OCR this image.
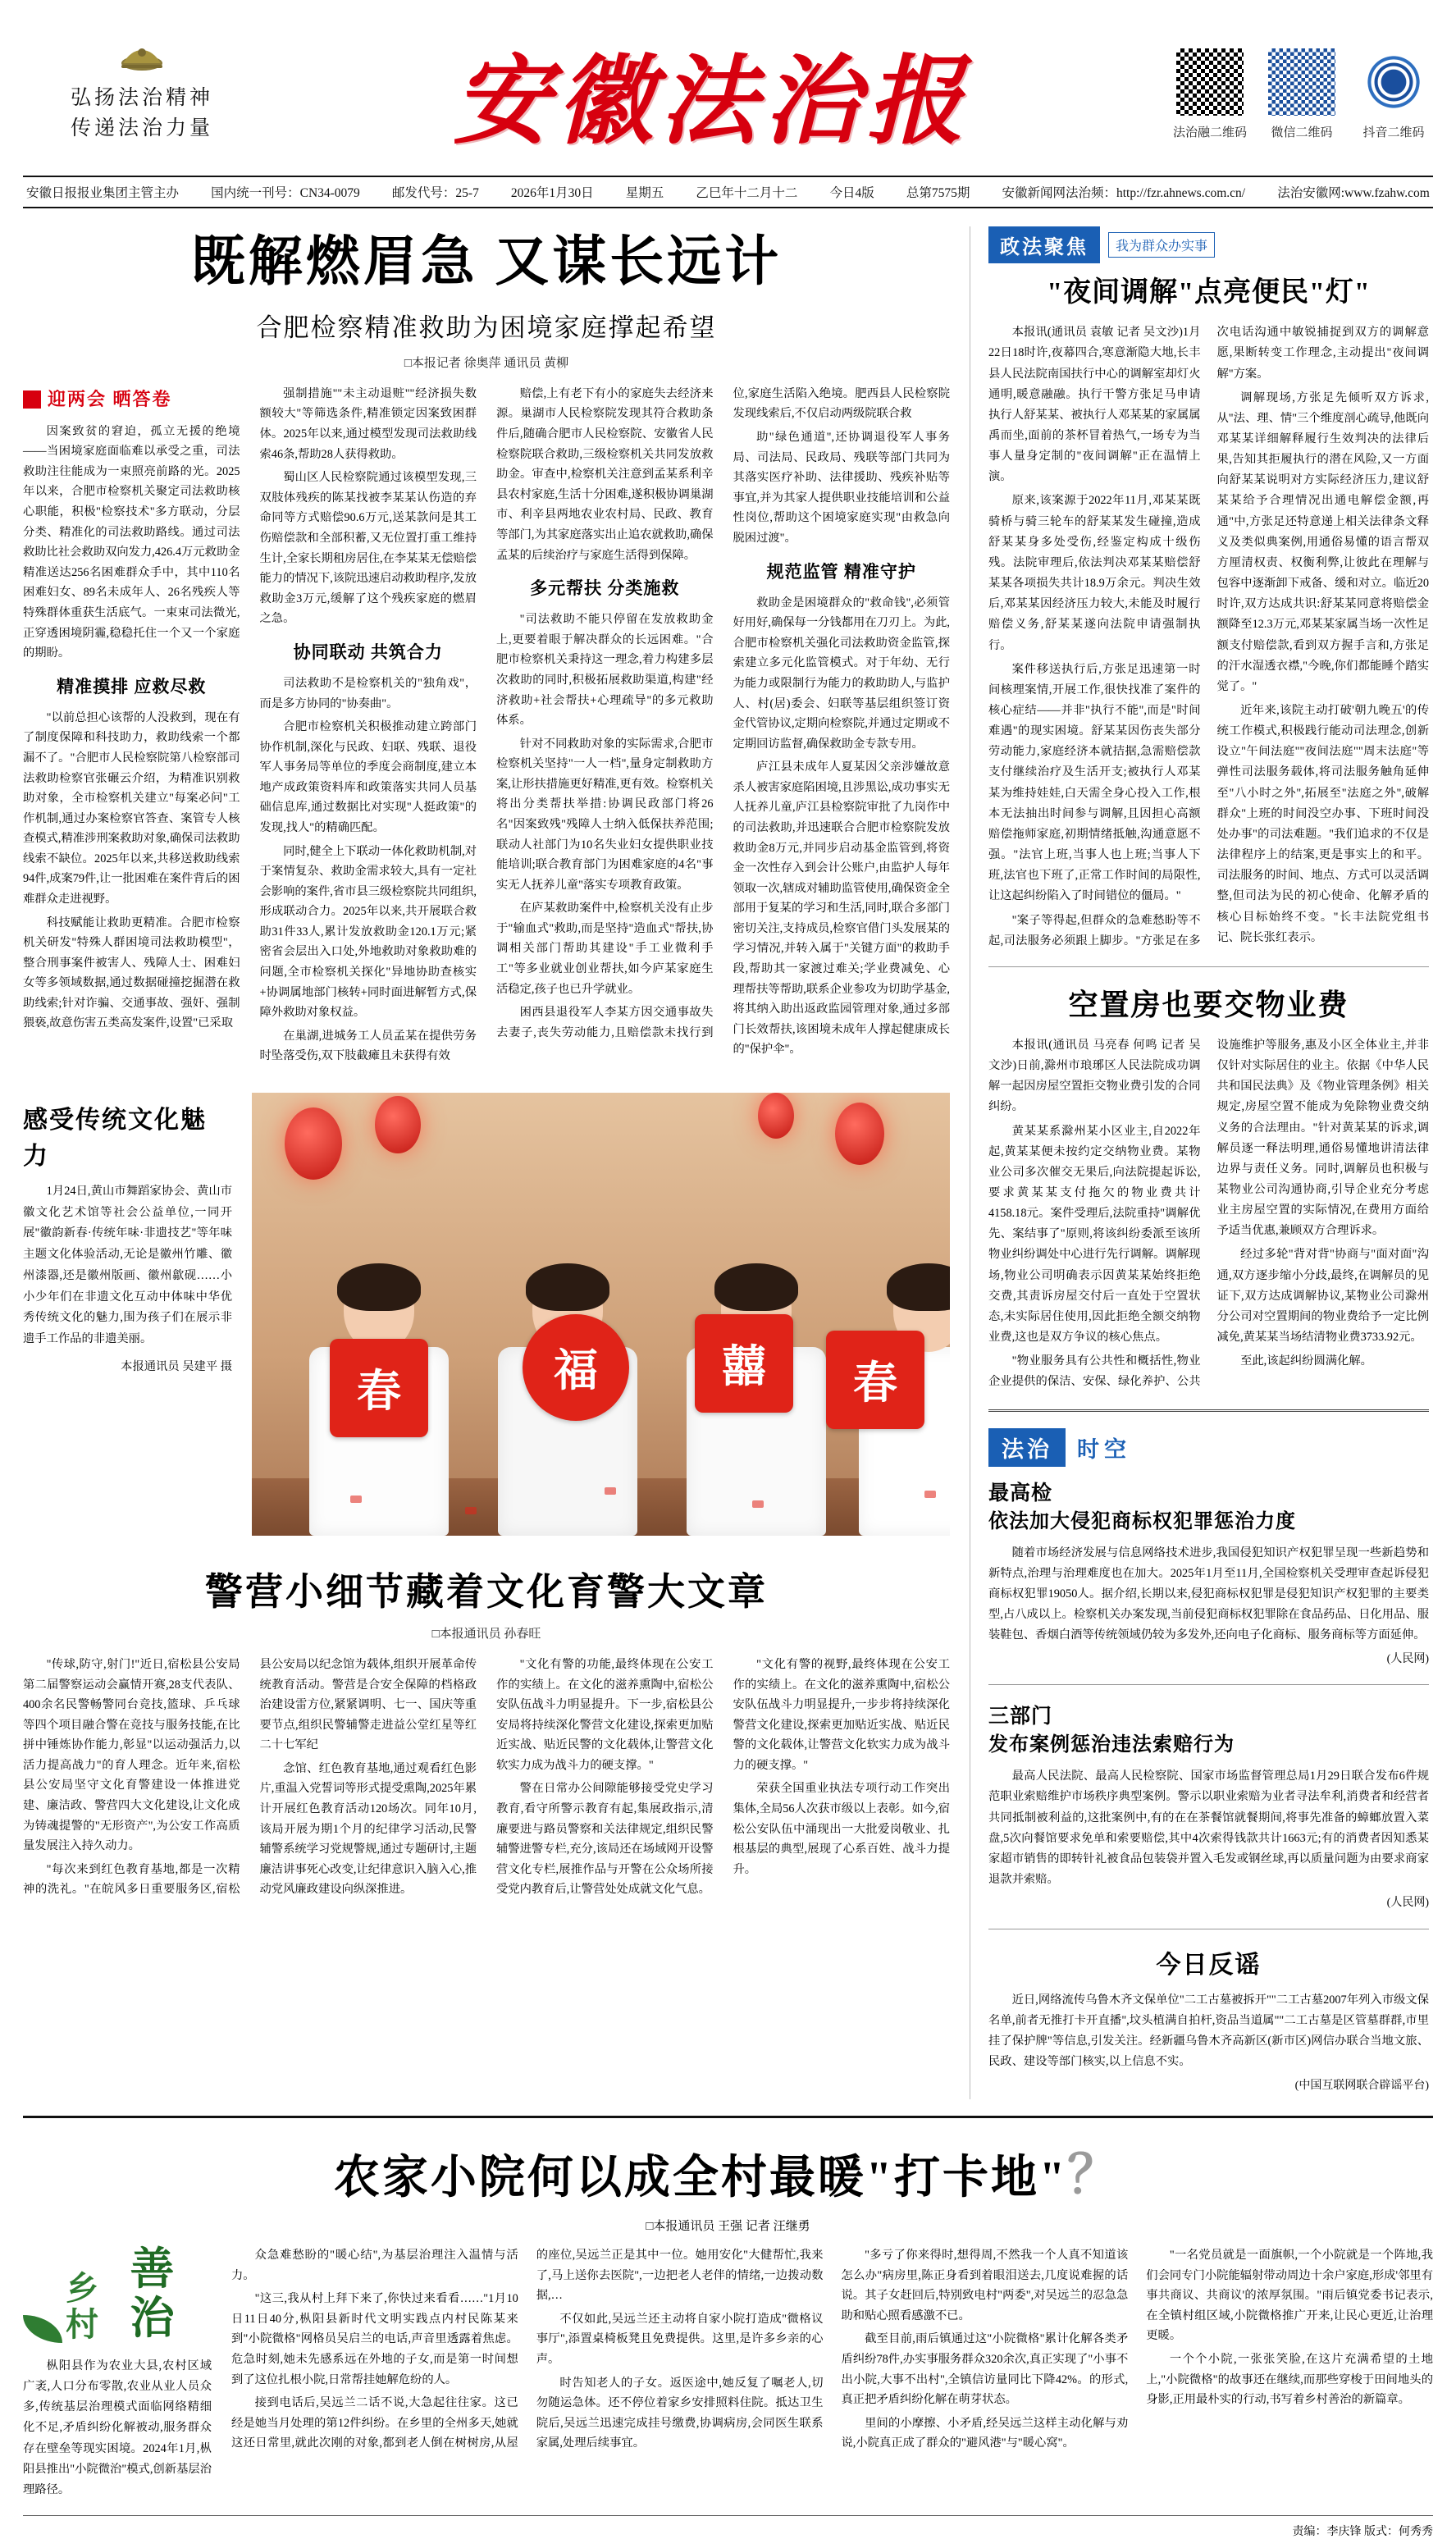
弘扬法治精神
传递法治力量 安徽法治报	法治融二维码	微信二维码	抖音二维码
安徽日报报业集团主管主办	国内统一刊号：CN34-0079	邮发代号：25-7	2026年1月30日	星期五	乙巳年十二月十二	今日4版	总第7575期	安徽新闻网法治频：http://fzr.ahnews.com.cn/	法治安徽网:www.fzahw.com
既解燃眉急 又谋长远计
合肥检察精准救助为困境家庭撑起希望
□本报记者 徐奥萍 通讯员 黄柳
迎两会 晒答卷

因案致贫的窘迫，孤立无援的绝境——当困境家庭面临难以承受之重，司法救助注往能成为一束照亮前路的光。2025年以来，合肥市检察机关聚定司法救助核心职能，积极"检察技术"多方联动，分层分类、精准化的司法救助路线。通过司法救助比社会救助双向发力,426.4万元救助金精准送达256名困难群众手中，其中110名困难妇女、89名未成年人、26名残疾人等特殊群体重获生活底气。一束束司法微光,正穿透困境阴霾,稳稳托住一个又一个家庭的期盼。

精准摸排 应救尽救

"以前总担心该帮的人没救到，现在有了制度保障和科技助力，救助线索一个都漏不了。"合肥市人民检察院第八检察部司法救助检察官张碾云介绍，为精准识别救助对象，全市检察机关建立"每案必问"工作机制,通过办案检察官答查、案管专人核查模式,精准涉刑案救助对象,确保司法救助线索不缺位。2025年以来,共移送救助线索94件,成案79件,让一批困难在案件背后的困难群众走进视野。

科技赋能让救助更精准。合肥市检察机关研发"特殊人群困境司法救助模型"，整合刑事案件被害人、残障人士、困难妇女等多领域数据,通过数据碰撞挖掘潜在救助线索;针对诈骗、交通事故、强奸、强制猥亵,故意伤害五类高发案件,设置"已采取

强制措施""未主动退赃""经济损失数额较大"等筛选条件,精准锁定因案致困群体。2025年以来,通过模型发现司法救助线索46条,帮助28人获得救助。

蜀山区人民检察院通过该模型发现,三双肢体残疾的陈某找被李某某认伤造的弃命同等方式赔偿90.6万元,送某款问是其工伤赔偿款和全部积蓄,又无位置打重工维持生计,全家长期租房居住,在李某某无偿赔偿能力的情况下,该院迅速启动救助程序,发放救助金3万元,缓解了这个残疾家庭的燃眉之急。

协同联动 共筑合力

司法救助不是检察机关的"独角戏"，而是多方协同的"协奏曲"。

合肥市检察机关积极推动建立跨部门协作机制,深化与民政、妇联、残联、退役军人事务局等单位的季度会商制度,建立本地产成政策资料库和政策落实共同人员基础信息库,通过数据比对实现"人挺政策"的发现,找人"的精确匹配。

同时,健全上下联动一体化救助机制,对于案情复杂、救助金需求较大,具有一定社会影响的案件,省市县三级检察院共同组织,形成联动合力。2025年以来,共开展联合救助31件33人,累计发放救助金120.1万元;紧密省会层出入口处,外地救助对象救助难的问题,全市检察机关探化"异地协助查核实+协调属地部门核转+同时面进解暂方式,保障外救助对象权益。

在巢湖,进城务工人员孟某在提供劳务时坠落受伤,双下肢截瘫且未获得有效

赔偿,上有老下有小的家庭失去经济来源。巢湖市人民检察院发现其符合救助条件后,随确合肥市人民检察院、安徽省人民检察院联合救助,三级检察机关共同发放救助金。审查中,检察机关注意到孟某系利辛县农村家庭,生活十分困难,遂积极协调巢湖市、利辛县两地农业农村局、民政、教育等部门,为其家庭落实出止追农就救助,确保孟某的后续治疗与家庭生活得到保障。

多元帮扶 分类施救

"司法救助不能只停留在发放救助金上,更要着眼于解决群众的长远困难。"合肥市检察机关秉持这一理念,着力构建多层次救助的同时,积极拓展救助渠道,构建"经济救助+社会帮扶+心理疏导"的多元救助体系。

针对不同救助对象的实际需求,合肥市检察机关坚持"一人一档",量身定制救助方案,让形扶措施更好精准,更有效。检察机关将出分类帮扶举措:协调民政部门将26名"因案致残"残障人士纳入低保扶养范围;联动人社部门为10名失业妇女提供职业技能培训;联合教育部门为困难家庭的4名"事实无人抚养儿童"落实专项教育政策。

在庐某救助案件中,检察机关没有止步于"输血式"救助,而是坚持"造血式"帮扶,协调相关部门帮助其建设"手工业微利手工"等多业就业创业帮扶,如今庐某家庭生活稳定,孩子也已升学就业。

困西县退役军人李某方因交通事故失去妻子,丧失劳动能力,且赔偿款未找行到位,家庭生活陷入绝境。肥西县人民检察院发现线索后,不仅启动两级院联合救

助"绿色通道",还协调退役军人事务局、司法局、民政局、残联等部门共同为其落实医疗补助、法律援助、残疾补贴等事宜,并为其家人提供职业技能培训和公益性岗位,帮助这个困境家庭实现"由救急向脱困过渡"。

规范监管 精准守护

救助金是困境群众的"救命钱",必须管好用好,确保每一分钱都用在刀刃上。为此,合肥市检察机关强化司法救助资金监管,探索建立多元化监管模式。对于年幼、无行为能力或限制行为能力的救助助人,与监护人、村(居)委会、妇联等基层组织签订资金代管协议,定期向检察院,并通过定期或不定期回访监督,确保救助金专款专用。

庐江县未成年人夏某因父亲涉嫌故意杀人被害家庭陷困境,且涉黑讼,成功事实无人抚养儿童,庐江县检察院审批了九岗作中的司法救助,并迅速联合合肥市检察院发放救助金8万元,并同步启动基金监管到,将资金一次性存入到会计公账户,由监护人每年领取一次,辖成对辅助监管使用,确保资金全部用于复某的学习和生活,同时,联合多部门密切关注,支持成员,检察官借门头发展某的学习情况,并转入属于"关键方面"的救助手段,帮助其一家渡过难关;学业费减免、心理帮扶等帮助,联系企业参攻为切助学基金,将其纳入助出返政监园管理对象,通过多部门长效帮扶,该困境未成年人撑起健康成长的"保护伞"。

感受传统文化魅力

1月24日,黄山市舞蹈家协会、黄山市徽文化艺术馆等社会公益单位,一同开展"徽韵新春·传统年味·非遗技艺"等年味主题文化体验活动,无论是徽州竹雕、徽州漆器,还是徽州版画、徽州歙砚……小小少年们在非遗文化互动中体味中华优秀传统文化的魅力,围为孩子们在展示非遗手工作品的非遗美丽。

本报通讯员 吴建平 摄

春	福	囍	春
警营小细节藏着文化育警大文章
□本报通讯员 孙春旺

"传球,防守,射门!"近日,宿松县公安局第二届警察运动会赢情开赛,28支代表队、400余名民警畅警同台竞技,篮球、乒乓球等四个项目融合警在竞技与服务技能,在比拼中锤炼协作能力,彰显"以运动强活力,以活力提高战力"的育人理念。近年来,宿松县公安局坚守文化育警建设一体推进党建、廉洁政、警营四大文化建设,让文化成为铸魂提警的"无形资产",为公安工作高质量发展注入持久动力。

"每次来到红色教育基地,都是一次精神的洗礼。"在皖风多日重要服务区,宿松县公安局以纪念馆为载体,组织开展革命传统教育活动。警营是合安全保障的档格政治建设雷方位,紧紧调明、七一、国庆等重要节点,组织民警辅警走进益公堂红星等红二十七军纪

念馆、红色教育基地,通过观看红色影片,重温入党誓词等形式提受熏陶,2025年累计开展红色教育活动120场次。同年10月,该局开展为期1个月的纪律学习活动,民警辅警系统学习党规警规,通过专题研讨,主题廉洁讲事死心改变,让纪律意识入脑入心,推动党风廉政建设向纵深推进。

"文化有警的功能,最终体现在公安工作的实绩上。在文化的滋养熏陶中,宿松公安队伍战斗力明显提升。下一步,宿松县公安局将持续深化警营文化建设,探索更加贴近实战、贴近民警的文化载体,让警营文化软实力成为战斗力的硬支撑。"

警在日常办公间隙能够接受党史学习教育,看守所警示教育有起,集展政指示,清廉要进与路员警察和关法律规定,组织民警辅警进警专栏,充分,该局还在场域网开设警营文化专栏,展推作品与开警在公众场所接受党内教育后,让警营处处成就文化气息。

"文化有警的视野,最终体现在公安工作的实绩上。在文化的滋养熏陶中,宿松公安队伍战斗力明显提升,一步步将持续深化警营文化建设,探索更加贴近实战、贴近民警的文化载体,让警营文化软实力成为战斗力的硬支撑。"

荣获全国重业执法专项行动工作突出集体,全局56人次获市级以上表彰。如今,宿松公安队伍中涌现出一大批爱岗敬业、扎根基层的典型,展现了心系百姓、战斗力提升。

政法聚焦	我为群众办实事
"夜间调解"点亮便民"灯"

本报讯(通讯员 袁敏 记者 吴文沙)1月22日18时许,夜幕四合,寒意渐隐大地,长丰县人民法院南国扶行中心的调解室却灯火通明,暖意融融。执行干警方张足马申请执行人舒某某、被执行人邓某某的家属属禹而坐,面前的茶杯冒着热气,一场专为当事人量身定制的"夜间调解"正在温情上演。

原来,该案源于2022年11月,邓某某既骑桥与骑三轮车的舒某某发生碰撞,造成舒某某身多处受伤,经鉴定构成十级伤残。法院审理后,依法判决邓某某赔偿舒某某各项损失共计18.9万余元。判决生效后,邓某某因经济压力较大,未能及时履行赔偿义务,舒某某遂向法院申请强制执行。

案件移送执行后,方张足迅速第一时间核理案情,开展工作,很快找准了案件的核心症结——并非"执行不能",而是"时间难遇"的现实困境。舒某某因伤丧失部分劳动能力,家庭经济本就拮据,急需赔偿款支付继续治疗及生活开支;被执行人邓某某为维持娃娃,白天需全身心投入工作,根本无法抽出时间参与调解,且因担心高额赔偿拖师家庭,初期情绪抵触,沟通意愿不强。"法官上班,当事人也上班;当事人下班,法官也下班了,正常工作时间的局限性,让这起纠纷陷入了时间错位的僵局。"

"案子等得起,但群众的急难愁盼等不起,司法服务必须跟上脚步。"方张足在多次电话沟通中敏锐捕捉到双方的调解意愿,果断转变工作理念,主动提出"夜间调解"方案。

调解现场,方张足先倾听双方诉求,从"法、理、情"三个维度剖心疏导,他既向邓某某详细解释履行生效判决的法律后果,告知其拒履执行的潜在风险,又一方面向舒某某说明对方实际经济压力,建议舒某某给予合理情况出通电解偿金额,再通"中,方张足还特意递上相关法律条文释义及类似典案例,用通俗易懂的语言帮双方厘清权责、权衡利弊,让彼此在理解与包容中逐渐卸下戒备、缓和对立。临近20时许,双方达成共识:舒某某同意将赔偿金额降至12.3万元,邓某某家属当场一次性足额支付赔偿款,看到双方握手言和,方张足的汗水湿透衣襟,"今晚,你们都能睡个踏实觉了。"

近年来,该院主动打破'朝九晚五'的传统工作模式,积极践行能动司法理念,创新设立"午间法庭""夜间法庭""周末法庭"等弹性司法服务载体,将司法服务触角延伸至"八小时之外",拓展至"法庭之外",破解群众"上班的时间没空办事、下班时间没处办事"的司法难题。"我们追求的不仅是法律程序上的结案,更是事实上的和平。司法服务的时间、地点、方式可以灵活调整,但司法为民的初心使命、化解矛盾的核心目标始终不变。"长丰法院党组书记、院长张红表示。

空置房也要交物业费

本报讯(通讯员 马亮春 何鸣 记者 吴文沙)日前,滁州市琅琊区人民法院成功调解一起因房屋空置拒交物业费引发的合同纠纷。

黄某某系滁州某小区业主,自2022年起,黄某某便未按约定交纳物业费。某物业公司多次催交无果后,向法院提起诉讼,要求黄某某支付拖欠的物业费共计4158.18元。案件受理后,法院重持"调解优先、案结事了"原则,将该纠纷委派至该所物业纠纷调处中心进行先行调解。调解现场,物业公司明确表示因黄某某始终拒绝交费,其责诉房屋交付后一直处于空置状态,未实际居住使用,因此拒绝全额交纳物业费,这也是双方争议的核心焦点。

"物业服务具有公共性和概括性,物业企业提供的保洁、安保、绿化养护、公共设施维护等服务,惠及小区全体业主,并非仅针对实际居住的业主。依据《中华人民共和国民法典》及《物业管理条例》相关规定,房屋空置不能成为免除物业费交纳义务的合法理由。"针对黄某某的诉求,调解员逐一释法明理,通俗易懂地讲清法律边界与责任义务。同时,调解员也积极与某物业公司沟通协商,引导企业充分考虑业主房屋空置的实际情况,在费用方面给予适当优惠,兼顾双方合理诉求。

经过多轮"背对背"协商与"面对面"沟通,双方逐步缩小分歧,最终,在调解员的见证下,双方达成调解协议,某物业公司滁州分公司对空置期间的物业费给予一定比例减免,黄某某当场结清物业费3733.92元。

至此,该起纠纷圆满化解。

法治	时空
最高检
依法加大侵犯商标权犯罪惩治力度

随着市场经济发展与信息网络技术进步,我国侵犯知识产权犯罪呈现一些新趋势和新特点,治理与治理难度也在加大。2025年1月至11月,全国检察机关受理审查起诉侵犯商标权犯罪19050人。据介绍,长期以来,侵犯商标权犯罪是侵犯知识产权犯罪的主要类型,占八成以上。检察机关办案发现,当前侵犯商标权犯罪除在食品药品、日化用品、服装鞋包、香烟白酒等传统领域仍较为多发外,还向电子化商标、服务商标等方面延伸。

(人民网)

三部门
发布案例惩治违法索赔行为

最高人民法院、最高人民检察院、国家市场监督管理总局1月29日联合发布6件规范职业索赔维护市场秩序典型案例。警示以职业索赔为业者寻法牟利,消费者和经营者共同抵制被利益的,这批案例中,有的在在茶餐馆就餐期间,将事先准备的蟑螂放置入菜盘,5次向餐馆要求免单和索要赔偿,其中4次索得钱款共计1663元;有的消费者因知悉某家超市销售的即转针礼被食品包装袋并置入毛发或钢丝球,再以质量问题为由要求商家退款并索赔。

(人民网)

今日反谣

近日,网络流传乌鲁木齐文保单位"二工古墓被拆开""二工古墓2007年列入市级文保名单,前者无推打卡开直播",坟头植满自拍杆,资品当道属""二工古墓是区管墓群群,市里挂了保护牌"等信息,引发关注。经新疆乌鲁木齐高新区(新市区)网信办联合当地文旅、民政、建设等部门核实,以上信息不实。

(中国互联网联合辟谣平台)

农家小院何以成全村最暖"打卡地"？
□本报通讯员 王强 记者 汪继勇
乡村
善治

枞阳县作为农业大县,农村区域广袤,人口分布零散,农业从业人员众多,传统基层治理模式面临网络精细化不足,矛盾纠纷化解被动,服务群众存在壁垒等现实困境。2024年1月,枞阳县推出"小院微治"模式,创新基层治理路径。

众急难愁盼的"暖心结",为基层治理注入温情与活力。

"这三,我从村上拜下来了,你快过来看看……"1月10日11日40分,枞阳县新时代文明实践点内村民陈某来到"小院微格"网格员吴启兰的电话,声音里透露着焦虑。危急时刻,她未先感系远在外地的子女,而是第一时间想到了这位扎根小院,日常帮挂她解危纷的人。

接到电话后,吴远兰二话不说,大急起往往家。这已经是她当月处理的第12件纠纷。在乡里的全州多天,她就这还日常里,就此次刚的对象,都到老人倒在树树房,从屋的座位,吴远兰正是其中一位。她用安化"大健帮忙,我来了,马上送你去医院",一边把老人老伴的情绪,一边拨动数据,…

不仅如此,吴远兰还主动将自家小院打造成"微格议事厅",添置桌椅板凳且免费提供。这里,是许多乡亲的心声。

时告知老人的子女。返医途中,她反复了嘱老人,切勿随运急体。还不停位着家乡安排照料住院。抵达卫生院后,吴远兰迅速完成挂号缴费,协调病房,会同医生联系家属,处理后续事宜。

"多亏了你来得时,想得周,不然我一个人真不知道该怎么办"病房里,陈正身看到着眼泪送去,几度说难握的话说。其子女赶回后,特别致电村"两委",对吴远兰的忍急急助和贴心照看感激不已。

截至目前,雨后镇通过这"小院微格"累计化解各类矛盾纠纷78件,办实事服务群众320余次,真正实现了"小事不出小院,大事不出村",全镇信访量同比下降42%。的形式,真正把矛盾纠纷化解在萌芽状态。

里间的小摩擦、小矛盾,经吴远兰这样主动化解与劝说,小院真正成了群众的"避风港"与"暖心窝"。

"一名党员就是一面旗帜,一个小院就是一个阵地,我们会同专门小院能辐射带动周边十余户家庭,形成'邻里有事共商议、共商议'的浓厚氛围。"雨后镇党委书记表示,在全镇村组区域,小院微格推广开来,让民心更近,让治理更暖。

一个个小院,一张张笑脸,在这片充满希望的土地上,"小院微格"的故事还在继续,而那些穿梭于田间地头的身影,正用最朴实的行动,书写着乡村善治的新篇章。

责编：李庆锋 版式：何秀秀
